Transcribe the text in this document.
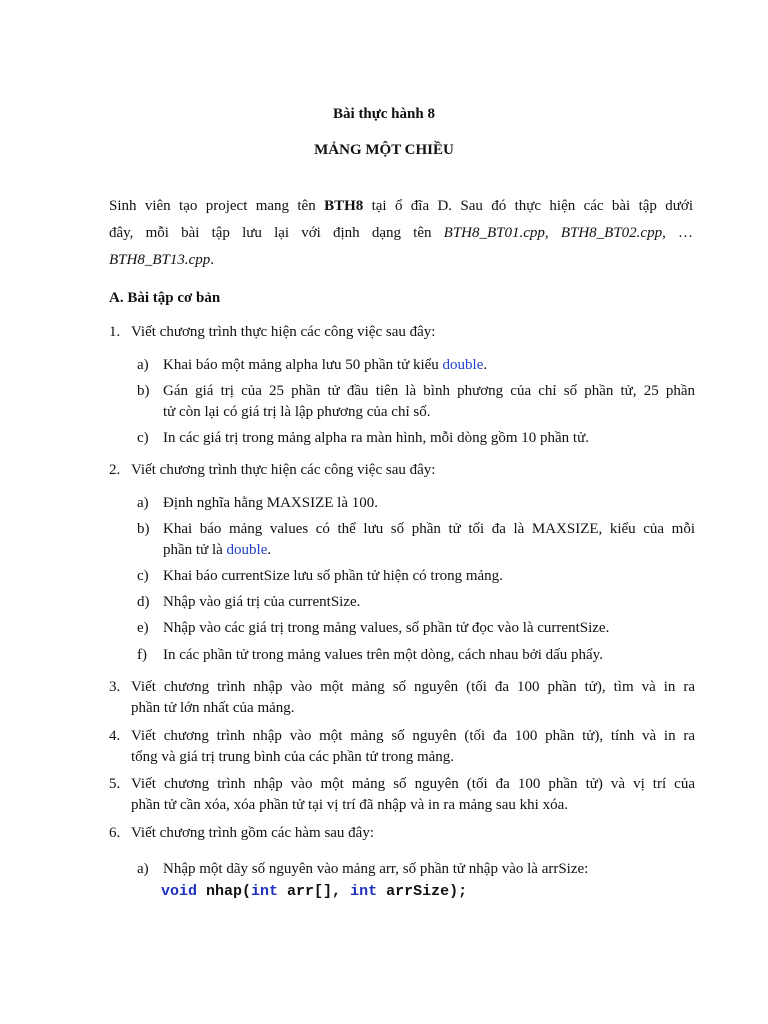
Bài thực hành 8
MẢNG MỘT CHIỀU
Sinh viên tạo project mang tên BTH8 tại ổ đĩa D. Sau đó thực hiện các bài tập dưới
đây, mỗi bài tập lưu lại với định dạng tên BTH8_BT01.cpp, BTH8_BT02.cpp, …
BTH8_BT13.cpp.
A. Bài tập cơ bản
1. Viết chương trình thực hiện các công việc sau đây:
a) Khai báo một mảng alpha lưu 50 phần tử kiểu double.
b) Gán giá trị của 25 phần tử đầu tiên là bình phương của chỉ số phần tử, 25 phần
tử còn lại có giá trị là lập phương của chỉ số.
c) In các giá trị trong mảng alpha ra màn hình, mỗi dòng gồm 10 phần tử.
2. Viết chương trình thực hiện các công việc sau đây:
a) Định nghĩa hằng MAXSIZE là 100.
b) Khai báo mảng values có thể lưu số phần tử tối đa là MAXSIZE, kiểu của mỗi
phần tử là double.
c) Khai báo currentSize lưu số phần tử hiện có trong mảng.
d) Nhập vào giá trị của currentSize.
e) Nhập vào các giá trị trong mảng values, số phần tử đọc vào là currentSize.
f) In các phần tử trong mảng values trên một dòng, cách nhau bởi dấu phẩy.
3. Viết chương trình nhập vào một mảng số nguyên (tối đa 100 phần tử), tìm và in ra
phần tử lớn nhất của mảng.
4. Viết chương trình nhập vào một mảng số nguyên (tối đa 100 phần tử), tính và in ra
tổng và giá trị trung bình của các phần tử trong mảng.
5. Viết chương trình nhập vào một mảng số nguyên (tối đa 100 phần tử) và vị trí của
phần tử cần xóa, xóa phần tử tại vị trí đã nhập và in ra mảng sau khi xóa.
6. Viết chương trình gồm các hàm sau đây:
a) Nhập một dãy số nguyên vào mảng arr, số phần tử nhập vào là arrSize:
void nhap(int arr[], int arrSize);
